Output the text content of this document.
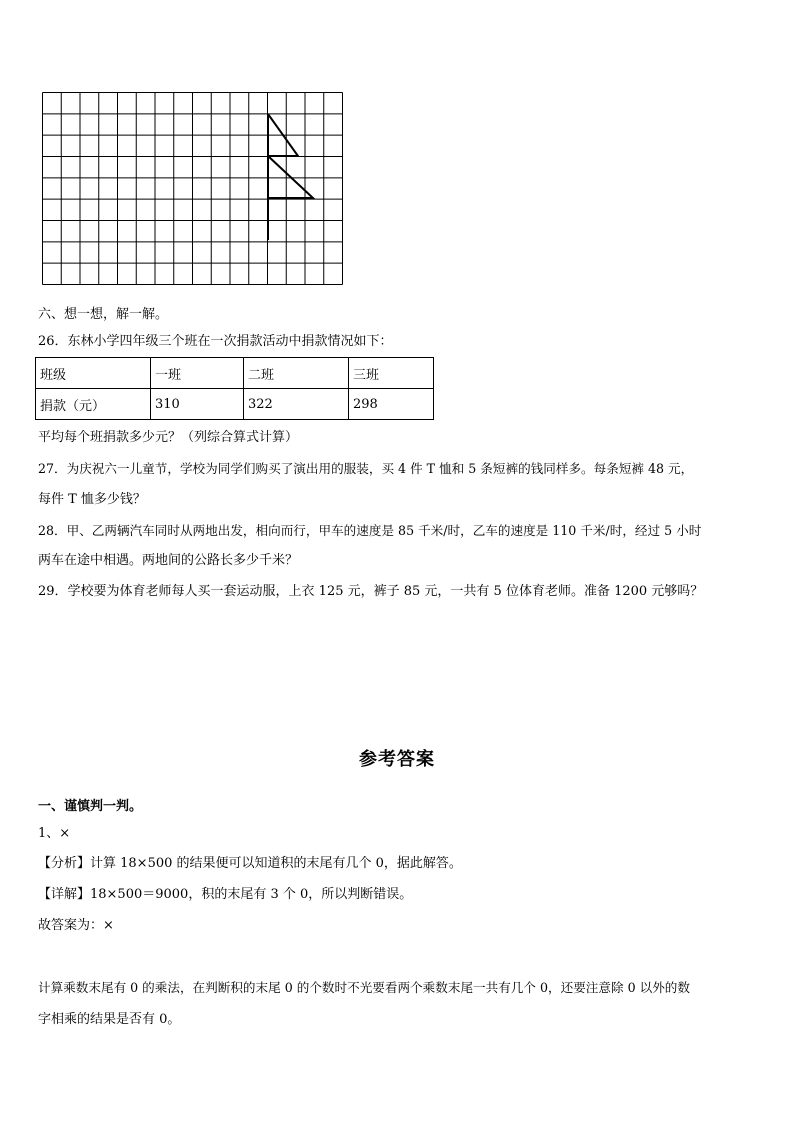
六、想一想，解一解。
26．东林小学四年级三个班在一次捐款活动中捐款情况如下：
班级	一班	二班	三班
捐款（元）	310	322	298
平均每个班捐款多少元？（列综合算式计算）
27．为庆祝六一儿童节，学校为同学们购买了演出用的服装，买 4 件 T 恤和 5 条短裤的钱同样多。每条短裤 48 元，
每件 T 恤多少钱？
28．甲、乙两辆汽车同时从两地出发，相向而行，甲车的速度是 85 千米/时，乙车的速度是 110 千米/时，经过 5 小时
两车在途中相遇。两地间的公路长多少千米？
29．学校要为体育老师每人买一套运动服，上衣 125 元，裤子 85 元，一共有 5 位体育老师。准备 1200 元够吗？
参考答案
一、谨慎判一判。
1、×
【分析】计算 18×500 的结果便可以知道积的末尾有几个 0，据此解答。
【详解】18×500＝9000，积的末尾有 3 个 0，所以判断错误。
故答案为：×
计算乘数末尾有 0 的乘法，在判断积的末尾 0 的个数时不光要看两个乘数末尾一共有几个 0，还要注意除 0 以外的数
字相乘的结果是否有 0。
